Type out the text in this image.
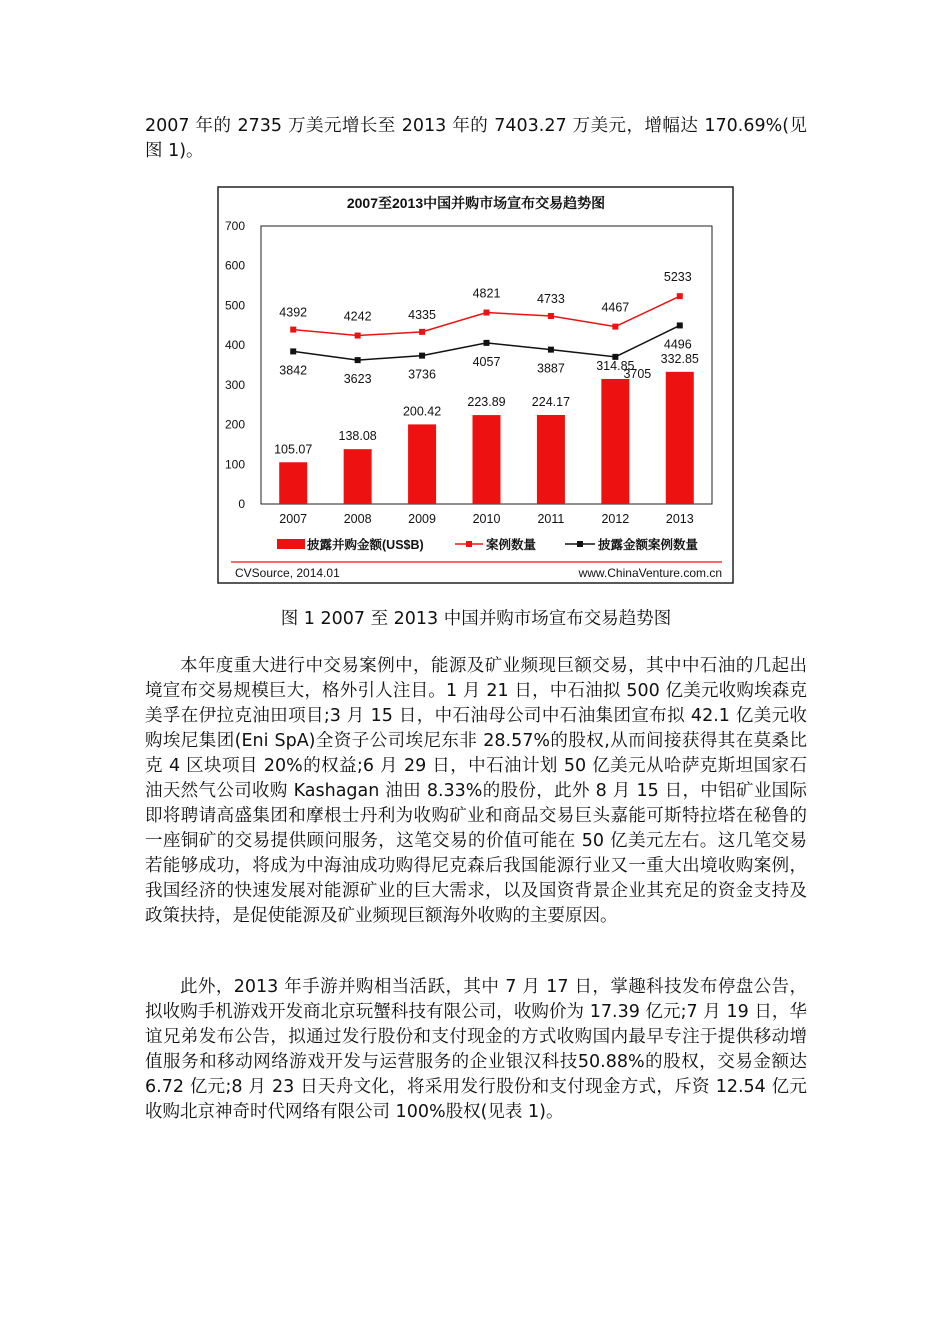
2007 年的 2735 万美元增长至 2013 年的 7403.27 万美元，增幅达 170.69%(见图 1)。

2007至2013中国并购市场宣布交易趋势图
0
100
200
300
400
500
600
700
2007	2008	2009	2010	2011	2012	2013
105.07
138.08
200.42
223.89 224.17
314.85
332.85
4392	4242	4335
4821	4733
4467
5233
3842
3623	3736
4057	3887	3705
4496
披露并购金额(US$B)	案例数量	披露金额案例数量
CVSource, 2014.01	www.ChinaVenture.com.cn
图 1 2007 至 2013 中国并购市场宣布交易趋势图

本年度重大进行中交易案例中，能源及矿业频现巨额交易，其中中石油的几起出境宣布交易规模巨大，格外引人注目。1 月 21 日，中石油拟 500 亿美元收购埃森克美孚在伊拉克油田项目;3 月 15 日，中石油母公司中石油集团宣布拟 42.1 亿美元收购埃尼集团(Eni SpA)全资子公司埃尼东非 28.57%的股权,从而间接获得其在莫桑比克 4 区块项目 20%的权益;6 月 29 日，中石油计划 50 亿美元从哈萨克斯坦国家石油天然气公司收购 Kashagan 油田 8.33%的股份，此外 8 月 15 日，中铝矿业国际即将聘请高盛集团和摩根士丹利为收购矿业和商品交易巨头嘉能可斯特拉塔在秘鲁的一座铜矿的交易提供顾问服务，这笔交易的价值可能在 50 亿美元左右。这几笔交易若能够成功，将成为中海油成功购得尼克森后我国能源行业又一重大出境收购案例，我国经济的快速发展对能源矿业的巨大需求，以及国资背景企业其充足的资金支持及政策扶持，是促使能源及矿业频现巨额海外收购的主要原因。

此外，2013 年手游并购相当活跃，其中 7 月 17 日，掌趣科技发布停盘公告，拟收购手机游戏开发商北京玩蟹科技有限公司，收购价为 17.39 亿元;7 月 19 日，华谊兄弟发布公告，拟通过发行股份和支付现金的方式收购国内最早专注于提供移动增值服务和移动网络游戏开发与运营服务的企业银汉科技50.88%的股权，交易金额达 6.72 亿元;8 月 23 日天舟文化，将采用发行股份和支付现金方式，斥资 12.54 亿元收购北京神奇时代网络有限公司 100%股权(见表 1)。
